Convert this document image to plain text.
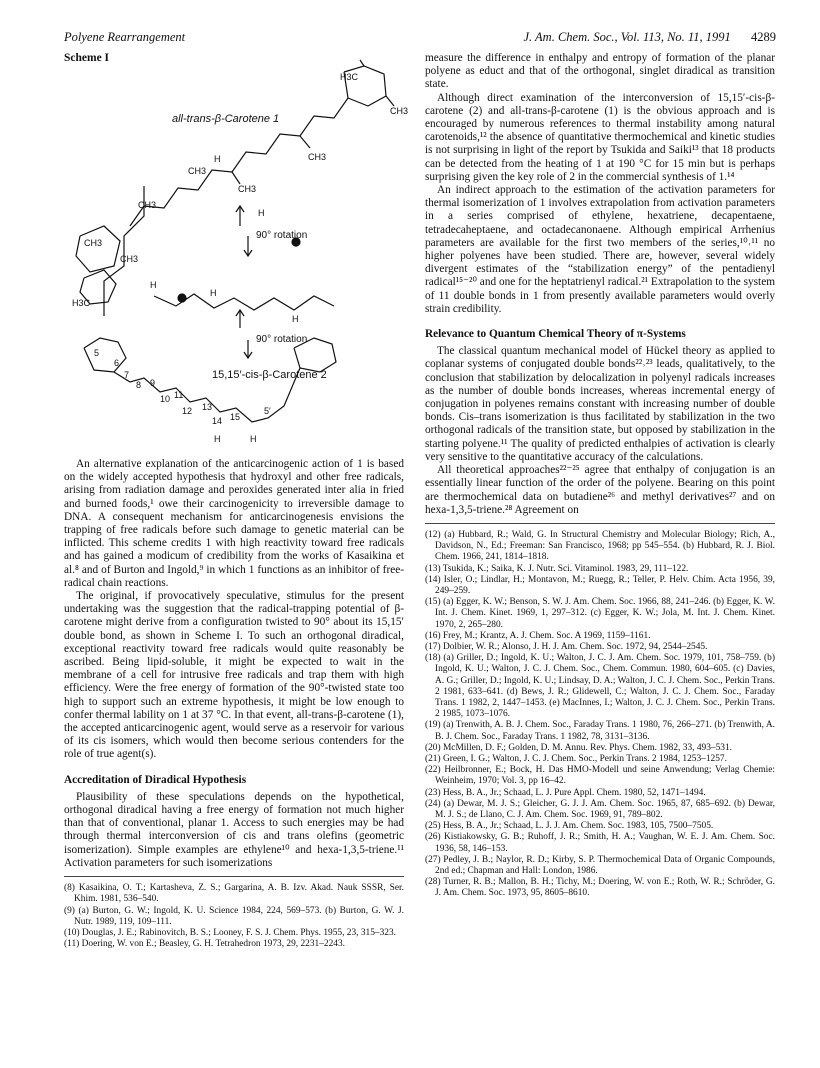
Polyene Rearrangement	J. Am. Chem. Soc., Vol. 113, No. 11, 1991 4289
Scheme I
all-trans-β-Carotene 1
90° rotation
90° rotation
15,15′-cis-β-Carotene 2
H3C
H3C
CH3
CH3
CH3
CH3
CH3
CH3
CH3
H
H
H
H
H
H	H
5
6
7
8 9
10 11
12 13
14 15
5′

An alternative explanation of the anticarcinogenic action of 1 is based on the widely accepted hypothesis that hydroxyl and other free radicals, arising from radiation damage and peroxides generated inter alia in fried and burned foods,¹ owe their carcinogenicity to irreversible damage to DNA. A consequent mechanism for anticarcinogenesis envisions the trapping of free radicals before such damage to genetic material can be inflicted. This scheme credits 1 with high reactivity toward free radicals and has gained a modicum of credibility from the works of Kasaikina et al.⁸ and of Burton and Ingold,⁹ in which 1 functions as an inhibitor of free-radical chain reactions.

The original, if provocatively speculative, stimulus for the present undertaking was the suggestion that the radical-trapping potential of β-carotene might derive from a configuration twisted to 90° about its 15,15′ double bond, as shown in Scheme I. To such an orthogonal diradical, exceptional reactivity toward free radicals would quite reasonably be ascribed. Being lipid-soluble, it might be expected to wait in the membrane of a cell for intrusive free radicals and trap them with high efficiency. Were the free energy of formation of the 90°-twisted state too high to support such an extreme hypothesis, it might be low enough to confer thermal lability on 1 at 37 °C. In that event, all-trans-β-carotene (1), the accepted anticarcinogenic agent, would serve as a reservoir for various of its cis isomers, which would then become serious contenders for the role of true agent(s).

Accreditation of Diradical Hypothesis

Plausibility of these speculations depends on the hypothetical, orthogonal diradical having a free energy of formation not much higher than that of conventional, planar 1. Access to such energies may be had through thermal interconversion of cis and trans olefins (geometric isomerization). Simple examples are ethylene¹⁰ and hexa-1,3,5-triene.¹¹ Activation parameters for such isomerizations

(8) Kasaikina, O. T.; Kartasheva, Z. S.; Gargarina, A. B. Izv. Akad. Nauk SSSR, Ser. Khim. 1981, 536–540.

(9) (a) Burton, G. W.; Ingold, K. U. Science 1984, 224, 569–573. (b) Burton, G. W. J. Nutr. 1989, 119, 109–111.

(10) Douglas, J. E.; Rabinovitch, B. S.; Looney, F. S. J. Chem. Phys. 1955, 23, 315–323.

(11) Doering, W. von E.; Beasley, G. H. Tetrahedron 1973, 29, 2231–2243.

measure the difference in enthalpy and entropy of formation of the planar polyene as educt and that of the orthogonal, singlet diradical as transition state.

Although direct examination of the interconversion of 15,15′-cis-β-carotene (2) and all-trans-β-carotene (1) is the obvious approach and is encouraged by numerous references to thermal instability among natural carotenoids,¹² the absence of quantitative thermochemical and kinetic studies is not surprising in light of the report by Tsukida and Saiki¹³ that 18 products can be detected from the heating of 1 at 190 °C for 15 min but is perhaps surprising given the key role of 2 in the commercial synthesis of 1.¹⁴

An indirect approach to the estimation of the activation parameters for thermal isomerization of 1 involves extrapolation from activation parameters in a series comprised of ethylene, hexatriene, decapentaene, tetradecaheptaene, and octadecanonaene. Although empirical Arrhenius parameters are available for the first two members of the series,¹⁰˒¹¹ no higher polyenes have been studied. There are, however, several widely divergent estimates of the “stabilization energy” of the pentadienyl radical¹⁵⁻²⁰ and one for the heptatrienyl radical.²¹ Extrapolation to the system of 11 double bonds in 1 from presently available parameters would overly strain credibility.

Relevance to Quantum Chemical Theory of π-Systems

The classical quantum mechanical model of Hückel theory as applied to coplanar systems of conjugated double bonds²²˒²³ leads, qualitatively, to the conclusion that stabilization by delocalization in polyenyl radicals increases as the number of double bonds increases, whereas incremental energy of conjugation in polyenes remains constant with increasing number of double bonds. Cis–trans isomerization is thus facilitated by stabilization in the two orthogonal radicals of the transition state, but opposed by stabilization in the starting polyene.¹¹ The quality of predicted enthalpies of activation is clearly very sensitive to the quantitative accuracy of the calculations.

All theoretical approaches²²⁻²⁵ agree that enthalpy of conjugation is an essentially linear function of the order of the polyene. Bearing on this point are thermochemical data on butadiene²⁶ and methyl derivatives²⁷ and on hexa-1,3,5-triene.²⁸ Agreement on

(12) (a) Hubbard, R.; Wald, G. In Structural Chemistry and Molecular Biology; Rich, A., Davidson, N., Ed.; Freeman: San Francisco, 1968; pp 545–554. (b) Hubbard, R. J. Biol. Chem. 1966, 241, 1814–1818.

(13) Tsukida, K.; Saika, K. J. Nutr. Sci. Vitaminol. 1983, 29, 111–122.

(14) Isler, O.; Lindlar, H.; Montavon, M.; Ruegg, R.; Teller, P. Helv. Chim. Acta 1956, 39, 249–259.

(15) (a) Egger, K. W.; Benson, S. W. J. Am. Chem. Soc. 1966, 88, 241–246. (b) Egger, K. W. Int. J. Chem. Kinet. 1969, 1, 297–312. (c) Egger, K. W.; Jola, M. Int. J. Chem. Kinet. 1970, 2, 265–280.

(16) Frey, M.; Krantz, A. J. Chem. Soc. A 1969, 1159–1161.

(17) Dolbier, W. R.; Alonso, J. H. J. Am. Chem. Soc. 1972, 94, 2544–2545.

(18) (a) Griller, D.; Ingold, K. U.; Walton, J. C. J. Am. Chem. Soc. 1979, 101, 758–759. (b) Ingold, K. U.; Walton, J. C. J. Chem. Soc., Chem. Commun. 1980, 604–605. (c) Davies, A. G.; Griller, D.; Ingold, K. U.; Lindsay, D. A.; Walton, J. C. J. Chem. Soc., Perkin Trans. 2 1981, 633–641. (d) Bews, J. R.; Glidewell, C.; Walton, J. C. J. Chem. Soc., Faraday Trans. 1 1982, 2, 1447–1453. (e) MacInnes, I.; Walton, J. C. J. Chem. Soc., Perkin Trans. 2 1985, 1073–1076.

(19) (a) Trenwith, A. B. J. Chem. Soc., Faraday Trans. 1 1980, 76, 266–271. (b) Trenwith, A. B. J. Chem. Soc., Faraday Trans. 1 1982, 78, 3131–3136.

(20) McMillen, D. F.; Golden, D. M. Annu. Rev. Phys. Chem. 1982, 33, 493–531.

(21) Green, I. G.; Walton, J. C. J. Chem. Soc., Perkin Trans. 2 1984, 1253–1257.

(22) Heilbronner, E.; Bock, H. Das HMO-Modell und seine Anwendung; Verlag Chemie: Weinheim, 1970; Vol. 3, pp 16–42.

(23) Hess, B. A., Jr.; Schaad, L. J. Pure Appl. Chem. 1980, 52, 1471–1494.

(24) (a) Dewar, M. J. S.; Gleicher, G. J. J. Am. Chem. Soc. 1965, 87, 685–692. (b) Dewar, M. J. S.; de Llano, C. J. Am. Chem. Soc. 1969, 91, 789–802.

(25) Hess, B. A., Jr.; Schaad, L. J. J. Am. Chem. Soc. 1983, 105, 7500–7505.

(26) Kistiakowsky, G. B.; Ruhoff, J. R.; Smith, H. A.; Vaughan, W. E. J. Am. Chem. Soc. 1936, 58, 146–153.

(27) Pedley, J. B.; Naylor, R. D.; Kirby, S. P. Thermochemical Data of Organic Compounds, 2nd ed.; Chapman and Hall: London, 1986.

(28) Turner, R. B.; Mallon, B. H.; Tichy, M.; Doering, W. von E.; Roth, W. R.; Schröder, G. J. Am. Chem. Soc. 1973, 95, 8605–8610.
